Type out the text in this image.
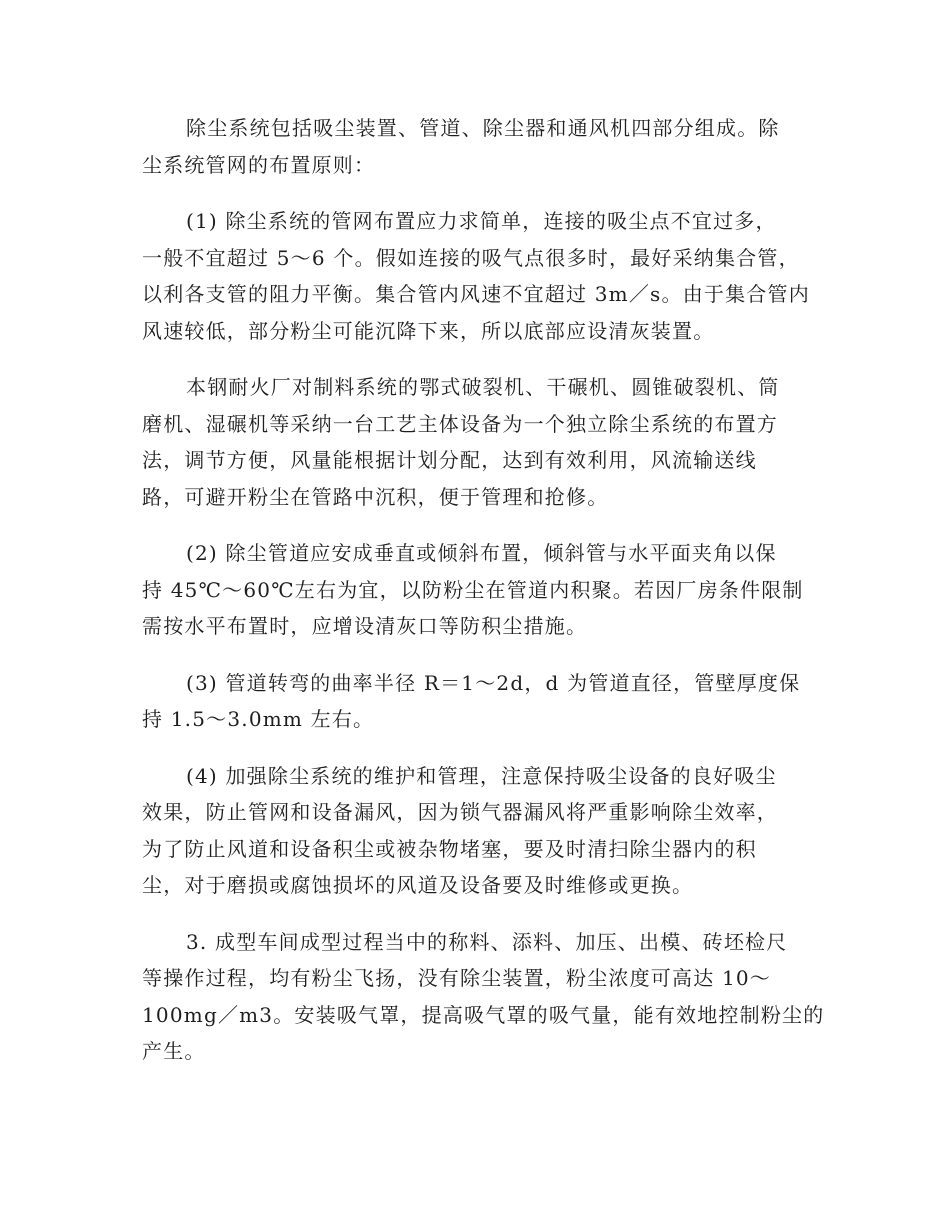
除尘系统包括吸尘装置、管道、除尘器和通风机四部分组成。除
尘系统管网的布置原则：
(1) 除尘系统的管网布置应力求简单，连接的吸尘点不宜过多，
一般不宜超过 5～6 个。假如连接的吸气点很多时，最好采纳集合管，
以利各支管的阻力平衡。集合管内风速不宜超过 3m／s。由于集合管内
风速较低，部分粉尘可能沉降下来，所以底部应设清灰装置。
本钢耐火厂对制料系统的鄂式破裂机、干碾机、圆锥破裂机、筒
磨机、湿碾机等采纳一台工艺主体设备为一个独立除尘系统的布置方
法，调节方便，风量能根据计划分配，达到有效利用，风流输送线
路，可避开粉尘在管路中沉积，便于管理和抢修。
(2) 除尘管道应安成垂直或倾斜布置，倾斜管与水平面夹角以保
持 45℃～60℃左右为宜，以防粉尘在管道内积聚。若因厂房条件限制
需按水平布置时，应增设清灰口等防积尘措施。
(3) 管道转弯的曲率半径 R＝1～2d，d 为管道直径，管壁厚度保
持 1.5～3.0mm 左右。
(4) 加强除尘系统的维护和管理，注意保持吸尘设备的良好吸尘
效果，防止管网和设备漏风，因为锁气器漏风将严重影响除尘效率，
为了防止风道和设备积尘或被杂物堵塞，要及时清扫除尘器内的积
尘，对于磨损或腐蚀损坏的风道及设备要及时维修或更换。
3. 成型车间成型过程当中的称料、添料、加压、出模、砖坯检尺
等操作过程，均有粉尘飞扬，没有除尘装置，粉尘浓度可高达 10～
100mg／m3。安装吸气罩，提高吸气罩的吸气量，能有效地控制粉尘的
产生。
